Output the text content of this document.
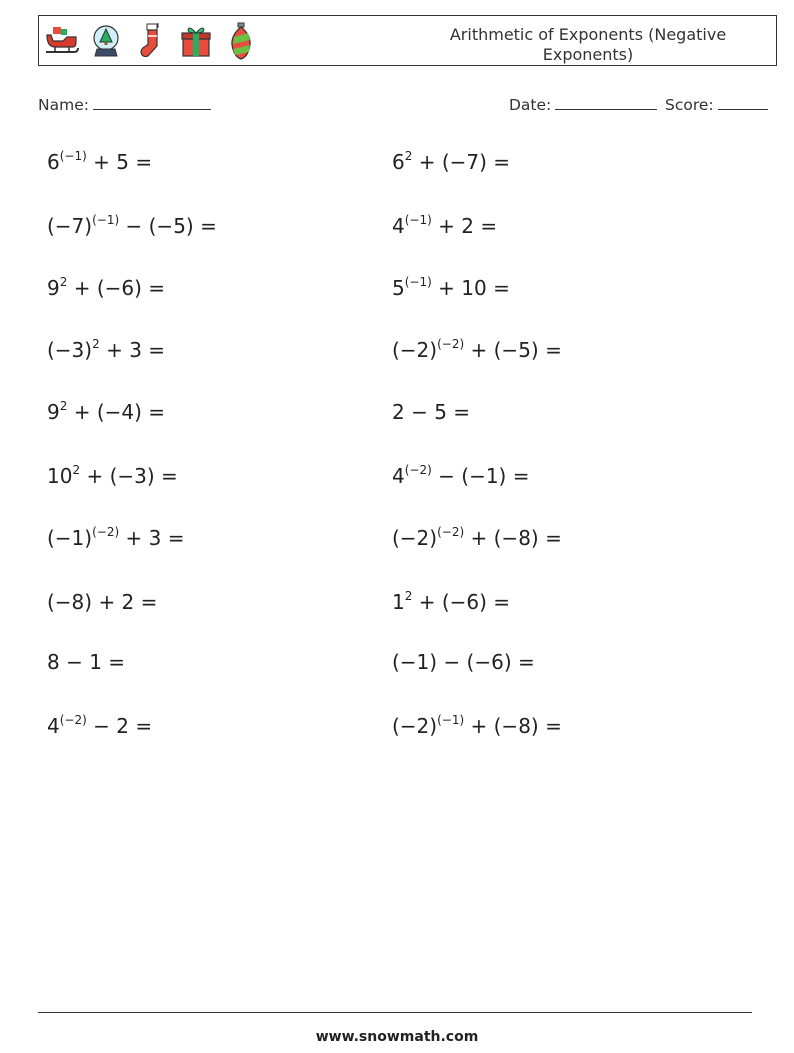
Arithmetic of Exponents (Negative Exponents)
Name:	Date:	Score:
$6^{(-1)} + 5$ =
$(-7)^{(-1)} - (-5)$ =
$9^2 + (-6)$ =
$(-3)^2 + 3$ =
$9^2 + (-4)$ =
$10^2 + (-3)$ =
$(-1)^{(-2)} + 3$ =
(−8) + 2 =
8 − 1 =
$4^{(-2)} - 2$ =
$6^2 + (-7)$ =
$4^{(-1)} + 2$ =
$5^{(-1)} + 10$ =
$(-2)^{(-2)} + (-5)$ =
2 − 5 =
$4^{(-2)} - (-1)$ =
$(-2)^{(-2)} + (-8)$ =
$1^2 + (-6)$ =
(−1) − (−6) =
$(-2)^{(-1)} + (-8)$ =
www.snowmath.com
